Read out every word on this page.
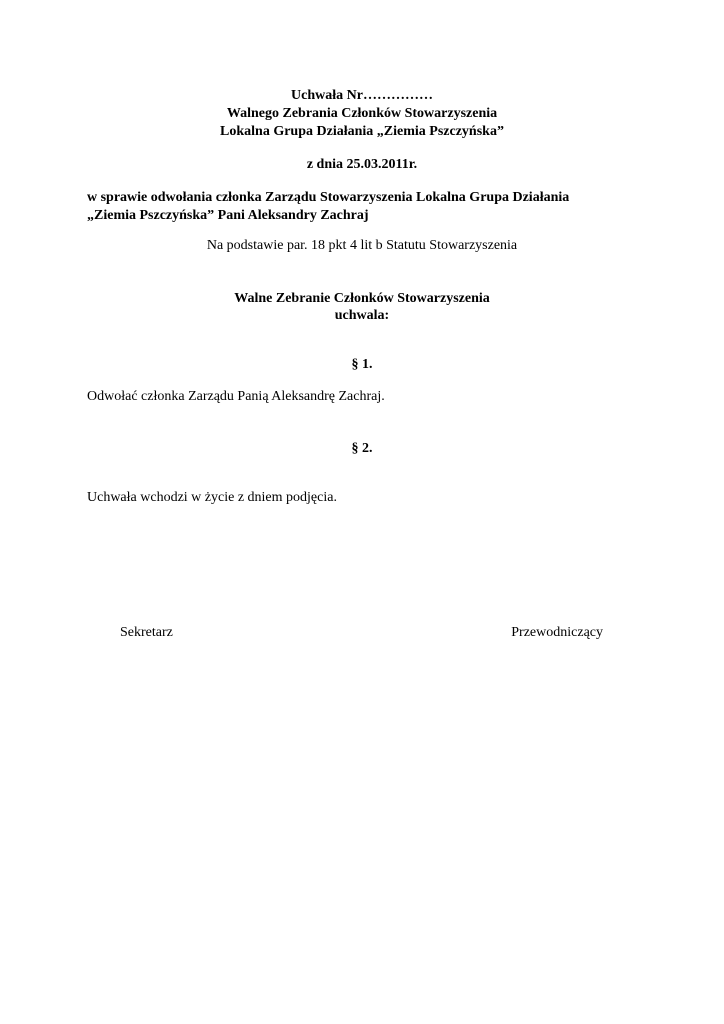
Uchwała Nr……………

Walnego Zebrania Członków Stowarzyszenia

Lokalna Grupa Działania „Ziemia Pszczyńska”

z dnia 25.03.2011r.

w sprawie odwołania członka Zarządu Stowarzyszenia Lokalna Grupa Działania

„Ziemia Pszczyńska” Pani Aleksandry Zachraj

Na podstawie par. 18 pkt 4 lit b Statutu Stowarzyszenia

Walne Zebranie Członków Stowarzyszenia

uchwala:

§ 1.

Odwołać członka Zarządu Panią Aleksandrę Zachraj.

§ 2.

Uchwała wchodzi w życie z dniem podjęcia.

Sekretarz	Przewodniczący
